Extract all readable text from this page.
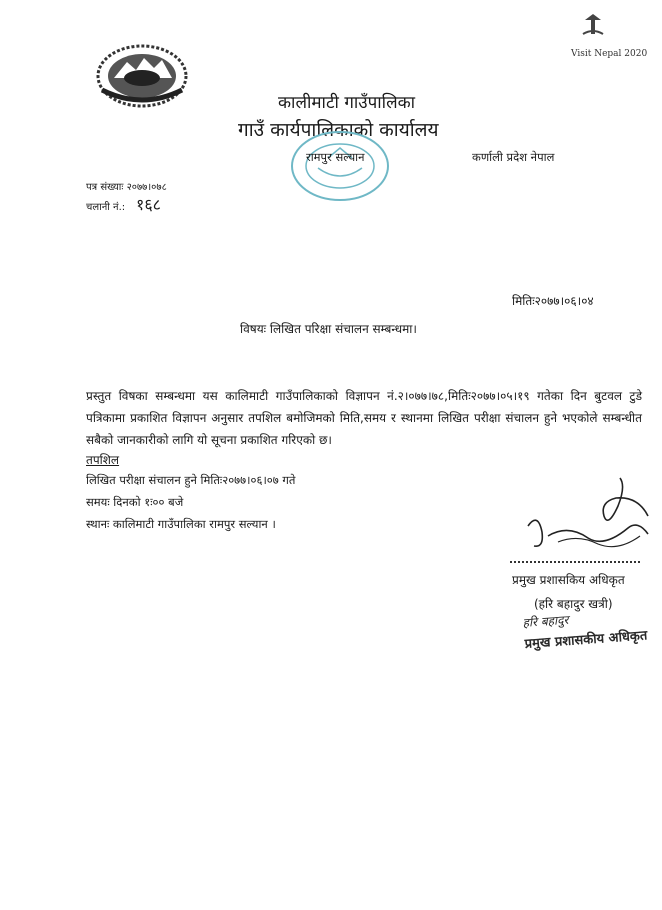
Visit Nepal 2020
कालीमाटी गाउँपालिका
गाउँ कार्यपालिकाको कार्यालय
रामपुर सल्यान	कर्णाली प्रदेश नेपाल
पत्र संख्याः २०७७।०७८
चलानी नं.: १६८
मितिः२०७७।०६।०४
विषयः लिखित परिक्षा संचालन सम्बन्धमा।
प्रस्तुत विषका सम्बन्धमा यस कालिमाटी गाउँपालिकाको विज्ञापन नं.२।०७७।७८,मितिः२०७७।०५।१९ गतेका दिन बुटवल टुडे पत्रिकामा प्रकाशित विज्ञापन अनुसार तपशिल बमोजिमको मिति,समय र स्थानमा लिखित परीक्षा संचालन हुने भएकोले सम्बन्धीत सबैको जानकारीको लागि यो सूचना प्रकाशित गरिएको छ।
तपशिल
लिखित परीक्षा संचालन हुने मितिः२०७७।०६।०७ गते
समयः दिनको १ः०० बजे
स्थानः कालिमाटी गाउँपालिका रामपुर सल्यान ।
प्रमुख प्रशासकिय अधिकृत
(हरि बहादुर खत्री)
हरि बहादुर
प्रमुख प्रशासकीय अधिकृत
